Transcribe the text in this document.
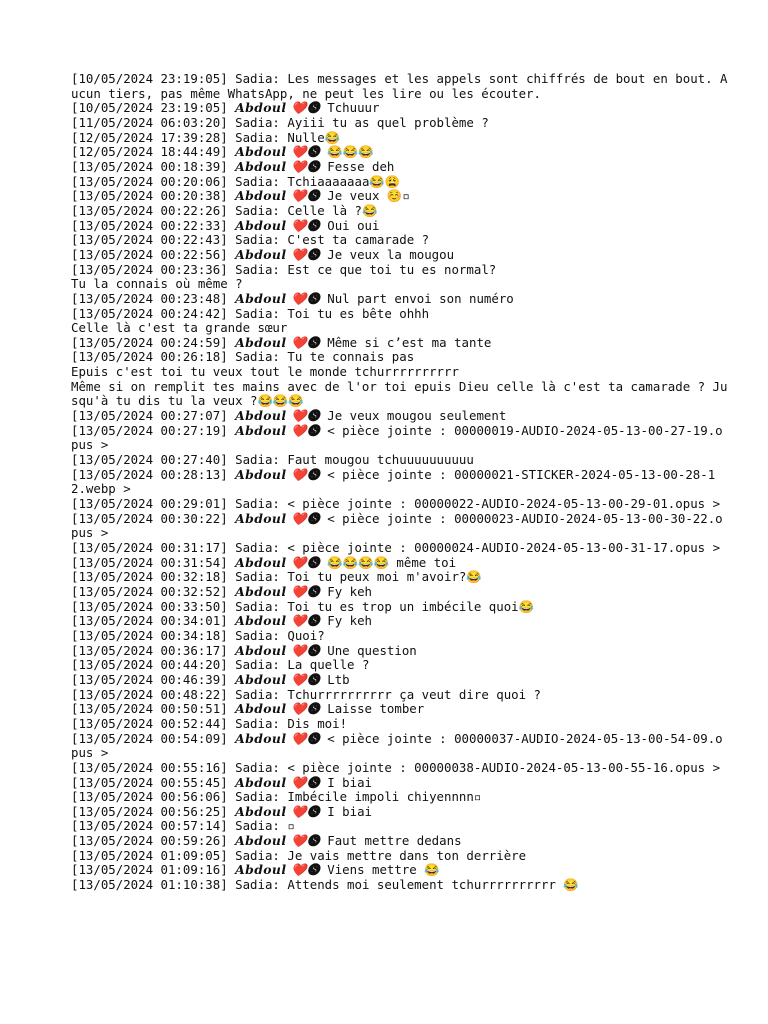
[10/05/2024 23:19:05] Sadia: Les messages et les appels sont chiffrés de bout en bout. Aucun tiers, pas même WhatsApp, ne peut les lire ou les écouter.
[10/05/2024 23:19:05] 𝑨𝒃𝒅𝒐𝒖𝒍 ❤️🅢 Tchuuur
[11/05/2024 06:03:20] Sadia: Ayiii tu as quel problème ?
[12/05/2024 17:39:28] Sadia: Nulle😂
[12/05/2024 18:44:49] 𝑨𝒃𝒅𝒐𝒖𝒍 ❤️🅢 😂😂😂
[13/05/2024 00:18:39] 𝑨𝒃𝒅𝒐𝒖𝒍 ❤️🅢 Fesse deh
[13/05/2024 00:20:06] Sadia: Tchiaaaaaaa😂😩
[13/05/2024 00:20:38] 𝑨𝒃𝒅𝒐𝒖𝒍 ❤️🅢 Je veux ☺️▫
[13/05/2024 00:22:26] Sadia: Celle là ?😂
[13/05/2024 00:22:33] 𝑨𝒃𝒅𝒐𝒖𝒍 ❤️🅢 Oui oui
[13/05/2024 00:22:43] Sadia: C'est ta camarade ?
[13/05/2024 00:22:56] 𝑨𝒃𝒅𝒐𝒖𝒍 ❤️🅢 Je veux la mougou
[13/05/2024 00:23:36] Sadia: Est ce que toi tu es normal?
Tu la connais où même ?
[13/05/2024 00:23:48] 𝑨𝒃𝒅𝒐𝒖𝒍 ❤️🅢 Nul part envoi son numéro
[13/05/2024 00:24:42] Sadia: Toi tu es bête ohhh
Celle là c'est ta grande sœur
[13/05/2024 00:24:59] 𝑨𝒃𝒅𝒐𝒖𝒍 ❤️🅢 Même si c’est ma tante
[13/05/2024 00:26:18] Sadia: Tu te connais pas
Epuis c'est toi tu veux tout le monde tchurrrrrrrrrr
Même si on remplit tes mains avec de l'or toi epuis Dieu celle là c'est ta camarade ? Jusqu'à tu dis tu la veux ?😂😂😂
[13/05/2024 00:27:07] 𝑨𝒃𝒅𝒐𝒖𝒍 ❤️🅢 Je veux mougou seulement
[13/05/2024 00:27:19] 𝑨𝒃𝒅𝒐𝒖𝒍 ❤️🅢 < pièce jointe : 00000019-AUDIO-2024-05-13-00-27-19.opus >
[13/05/2024 00:27:40] Sadia: Faut mougou tchuuuuuuuuuu
[13/05/2024 00:28:13] 𝑨𝒃𝒅𝒐𝒖𝒍 ❤️🅢 < pièce jointe : 00000021-STICKER-2024-05-13-00-28-12.webp >
[13/05/2024 00:29:01] Sadia: < pièce jointe : 00000022-AUDIO-2024-05-13-00-29-01.opus >
[13/05/2024 00:30:22] 𝑨𝒃𝒅𝒐𝒖𝒍 ❤️🅢 < pièce jointe : 00000023-AUDIO-2024-05-13-00-30-22.opus >
[13/05/2024 00:31:17] Sadia: < pièce jointe : 00000024-AUDIO-2024-05-13-00-31-17.opus >
[13/05/2024 00:31:54] 𝑨𝒃𝒅𝒐𝒖𝒍 ❤️🅢 😂😂😂😂 même toi
[13/05/2024 00:32:18] Sadia: Toi tu peux moi m'avoir?😂
[13/05/2024 00:32:52] 𝑨𝒃𝒅𝒐𝒖𝒍 ❤️🅢 Fy keh
[13/05/2024 00:33:50] Sadia: Toi tu es trop un imbécile quoi😂
[13/05/2024 00:34:01] 𝑨𝒃𝒅𝒐𝒖𝒍 ❤️🅢 Fy keh
[13/05/2024 00:34:18] Sadia: Quoi?
[13/05/2024 00:36:17] 𝑨𝒃𝒅𝒐𝒖𝒍 ❤️🅢 Une question
[13/05/2024 00:44:20] Sadia: La quelle ?
[13/05/2024 00:46:39] 𝑨𝒃𝒅𝒐𝒖𝒍 ❤️🅢 Ltb
[13/05/2024 00:48:22] Sadia: Tchurrrrrrrrrr ça veut dire quoi ?
[13/05/2024 00:50:51] 𝑨𝒃𝒅𝒐𝒖𝒍 ❤️🅢 Laisse tomber
[13/05/2024 00:52:44] Sadia: Dis moi!
[13/05/2024 00:54:09] 𝑨𝒃𝒅𝒐𝒖𝒍 ❤️🅢 < pièce jointe : 00000037-AUDIO-2024-05-13-00-54-09.opus >
[13/05/2024 00:55:16] Sadia: < pièce jointe : 00000038-AUDIO-2024-05-13-00-55-16.opus >
[13/05/2024 00:55:45] 𝑨𝒃𝒅𝒐𝒖𝒍 ❤️🅢 I biai
[13/05/2024 00:56:06] Sadia: Imbécile impoli chiyennnn▫
[13/05/2024 00:56:25] 𝑨𝒃𝒅𝒐𝒖𝒍 ❤️🅢 I biai
[13/05/2024 00:57:14] Sadia: ▫
[13/05/2024 00:59:26] 𝑨𝒃𝒅𝒐𝒖𝒍 ❤️🅢 Faut mettre dedans
[13/05/2024 01:09:05] Sadia: Je vais mettre dans ton derrière
[13/05/2024 01:09:16] 𝑨𝒃𝒅𝒐𝒖𝒍 ❤️🅢 Viens mettre 😂
[13/05/2024 01:10:38] Sadia: Attends moi seulement tchurrrrrrrrrr 😂
